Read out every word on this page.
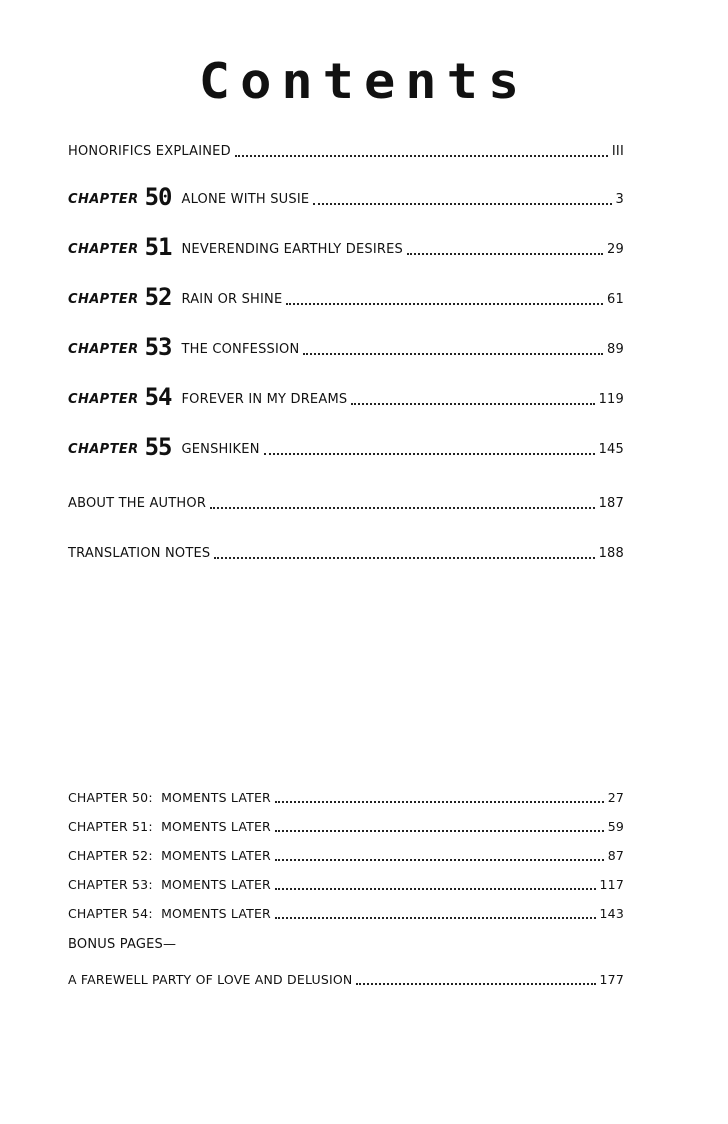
Contents
HONORIFICS EXPLAINED	III
CHAPTER 50 ALONE WITH SUSIE	3
CHAPTER 51 NEVERENDING EARTHLY DESIRES	29
CHAPTER 52 RAIN OR SHINE	61
CHAPTER 53 THE CONFESSION	89
CHAPTER 54 FOREVER IN MY DREAMS	119
CHAPTER 55 GENSHIKEN	145
ABOUT THE AUTHOR	187
TRANSLATION NOTES	188
CHAPTER 50:  MOMENTS LATER	27
CHAPTER 51:  MOMENTS LATER	59
CHAPTER 52:  MOMENTS LATER	87
CHAPTER 53:  MOMENTS LATER	117
CHAPTER 54:  MOMENTS LATER	143
BONUS PAGES—
A FAREWELL PARTY OF LOVE AND DELUSION	177
